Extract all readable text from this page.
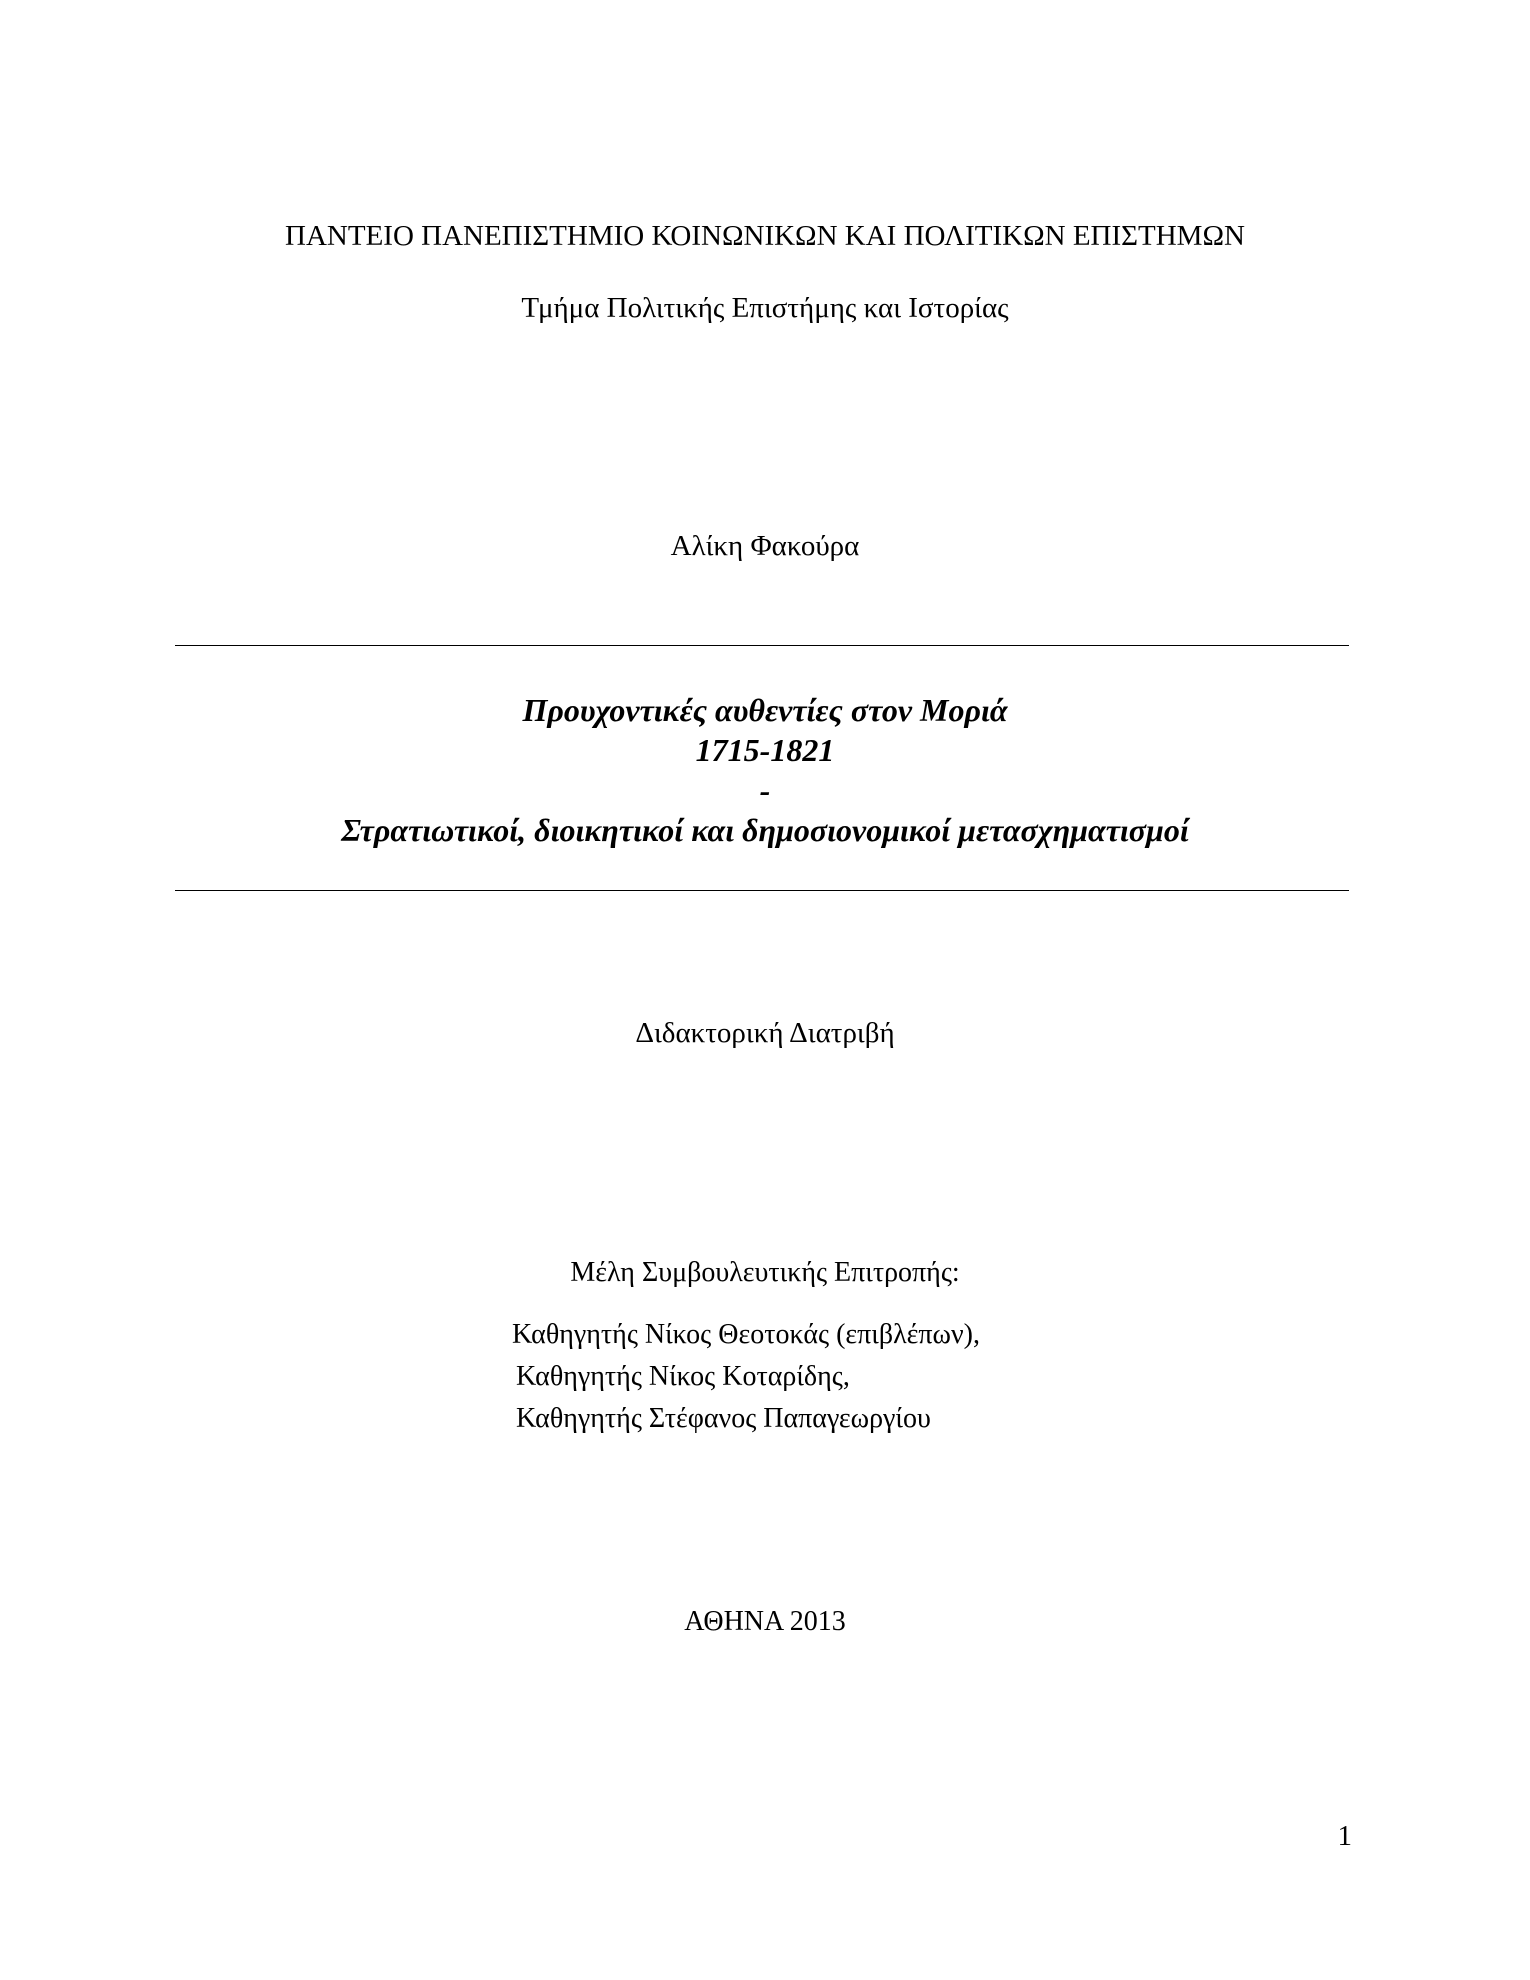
ΠΑΝΤΕΙΟ ΠΑΝΕΠΙΣΤΗΜΙΟ ΚΟΙΝΩΝΙΚΩΝ ΚΑΙ ΠΟΛΙΤΙΚΩΝ ΕΠΙΣΤΗΜΩΝ
Τμήμα Πολιτικής Επιστήμης και Ιστορίας
Αλίκη Φακούρα
Προυχοντικές αυθεντίες στον Μοριά
1715-1821
-
Στρατιωτικοί, διοικητικοί και δημοσιονομικοί μετασχηματισμοί
Διδακτορική Διατριβή
Μέλη Συμβουλευτικής Επιτροπής:
Καθηγητής Νίκος Θεοτοκάς (επιβλέπων),
Καθηγητής Νίκος Κοταρίδης,
Καθηγητής Στέφανος Παπαγεωργίου
ΑΘΗΝΑ 2013
1
